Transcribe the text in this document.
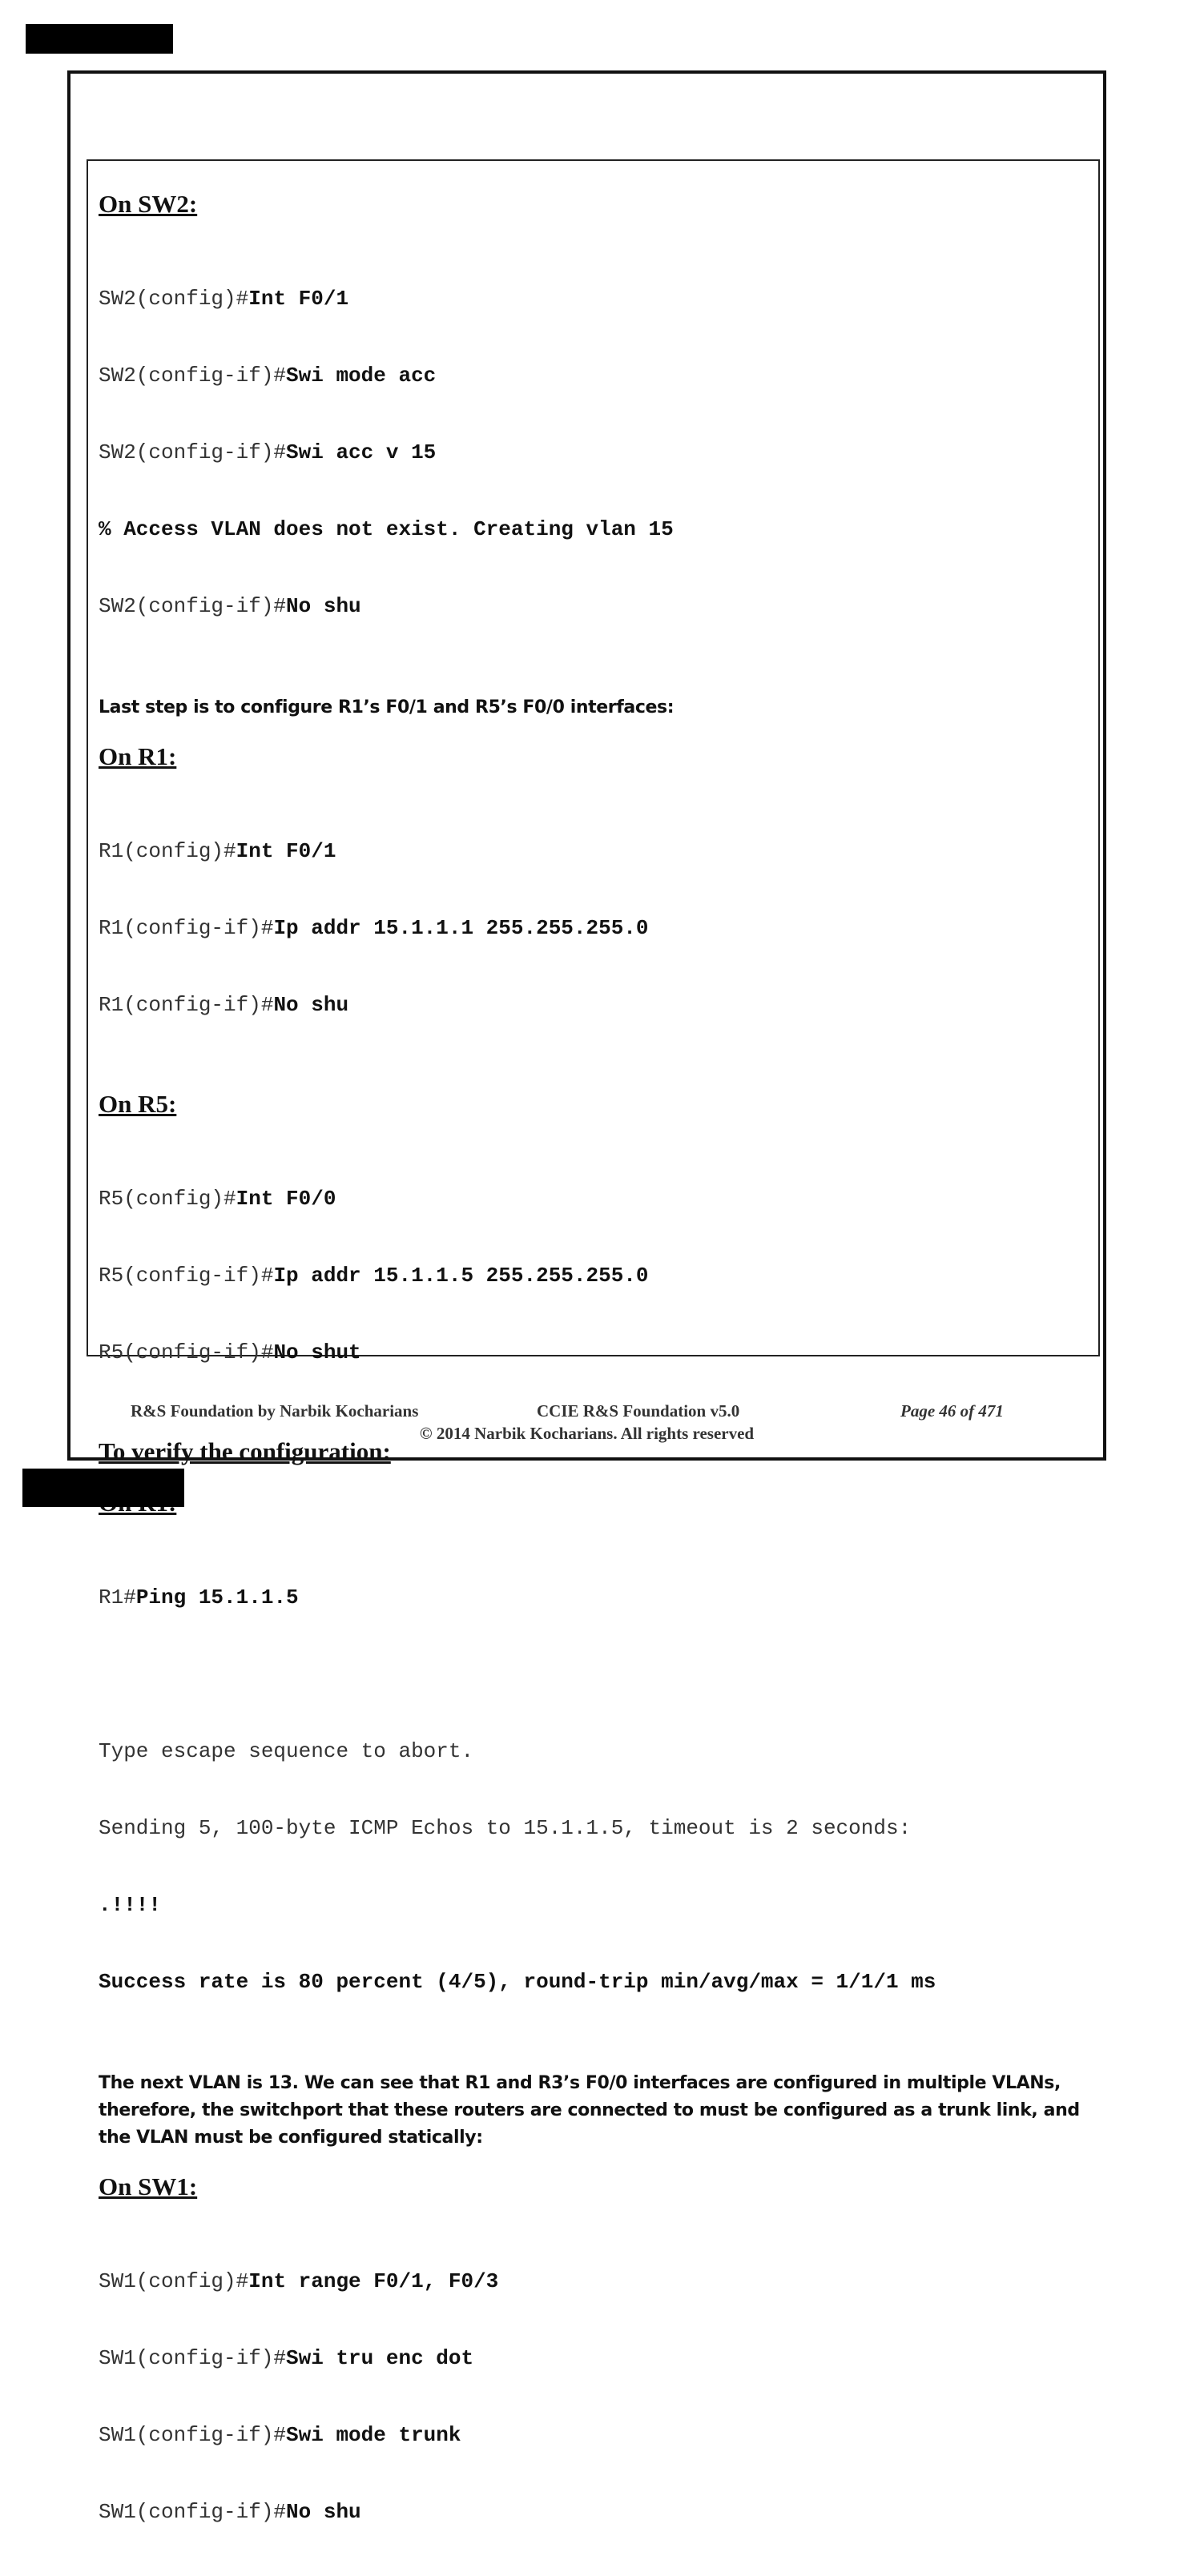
On SW2:

SW2(config)#Int F0/1

SW2(config-if)#Swi mode acc

SW2(config-if)#Swi acc v 15

% Access VLAN does not exist. Creating vlan 15

SW2(config-if)#No shu

Last step is to configure R1’s F0/1 and R5’s F0/0 interfaces:

On R1:

R1(config)#Int F0/1

R1(config-if)#Ip addr 15.1.1.1 255.255.255.0

R1(config-if)#No shu

On R5:

R5(config)#Int F0/0

R5(config-if)#Ip addr 15.1.1.5 255.255.255.0

R5(config-if)#No shut

To verify the configuration:

R1#Ping 15.1.1.5

Type escape sequence to abort.

Sending 5, 100-byte ICMP Echos to 15.1.1.5, timeout is 2 seconds:

.!!!!

Success rate is 80 percent (4/5), round-trip min/avg/max = 1/1/1 ms

The next VLAN is 13. We can see that R1 and R3’s F0/0 interfaces are configured in multiple VLANs, therefore, the switchport that these routers are connected to must be configured as a trunk link, and the VLAN must be configured statically:

On SW1:

SW1(config)#Int range F0/1, F0/3

SW1(config-if)#Swi tru enc dot

SW1(config-if)#Swi mode trunk

SW1(config-if)#No shu

R&S Foundation by Narbik Kocharians	CCIE R&S Foundation v5.0	Page 46 of 471
© 2014 Narbik Kocharians. All rights reserved
